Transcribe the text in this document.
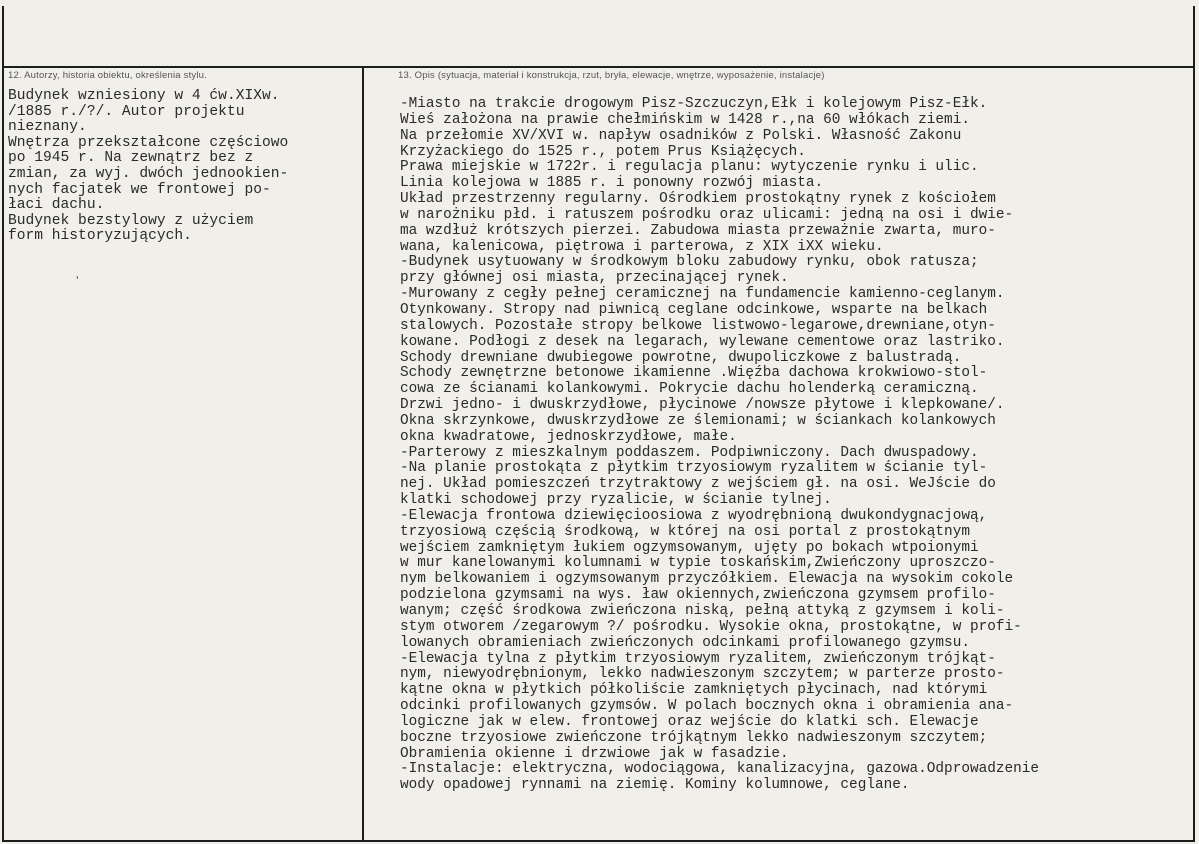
12. Autorzy, historia obiektu, określenia stylu.	13. Opis (sytuacja, materiał i konstrukcja, rzut, bryła, elewacje, wnętrze, wyposażenie, instalacje)
Budynek wzniesiony w 4 ćw.XIXw.
/1885 r./?/. Autor projektu
nieznany.
Wnętrza przekształcone częściowo
po 1945 r. Na zewnątrz bez z
zmian, za wyj. dwóch jednookien-
nych facjatek we frontowej po-
łaci dachu.
Budynek bezstylowy z użyciem
form historyzujących.
ʼ
-Miasto na trakcie drogowym Pisz-Szczuczyn,Ełk i kolejowym Pisz-Ełk.
Wieś założona na prawie chełmińskim w 1428 r.,na 60 włókach ziemi.
Na przełomie XV/XVI w. napływ osadników z Polski. Własność Zakonu
Krzyżackiego do 1525 r., potem Prus Książęcych.
Prawa miejskie w 1722r. i regulacja planu: wytyczenie rynku i ulic.
Linia kolejowa w 1885 r. i ponowny rozwój miasta.
Układ przestrzenny regularny. Ośrodkiem prostokątny rynek z kościołem
w narożniku płd. i ratuszem pośrodku oraz ulicami: jedną na osi i dwie-
ma wzdłuż krótszych pierzei. Zabudowa miasta przeważnie zwarta, muro-
wana, kalenicowa, piętrowa i parterowa, z XIX iXX wieku.
-Budynek usytuowany w środkowym bloku zabudowy rynku, obok ratusza;
przy głównej osi miasta, przecinającej rynek.
-Murowany z cegły pełnej ceramicznej na fundamencie kamienno-ceglanym.
Otynkowany. Stropy nad piwnicą ceglane odcinkowe, wsparte na belkach
stalowych. Pozostałe stropy belkowe listwowo-legarowe,drewniane,otyn-
kowane. Podłogi z desek na legarach, wylewane cementowe oraz lastriko.
Schody drewniane dwubiegowe powrotne, dwupoliczkowe z balustradą.
Schody zewnętrzne betonowe ikamienne .Więźba dachowa krokwiowo-stol-
cowa ze ścianami kolankowymi. Pokrycie dachu holenderką ceramiczną.
Drzwi jedno- i dwuskrzydłowe, płycinowe /nowsze płytowe i klepkowane/.
Okna skrzynkowe, dwuskrzydłowe ze ślemionami; w ściankach kolankowych
okna kwadratowe, jednoskrzydłowe, małe.
-Parterowy z mieszkalnym poddaszem. Podpiwniczony. Dach dwuspadowy.
-Na planie prostokąta z płytkim trzyosiowym ryzalitem w ścianie tyl-
nej. Układ pomieszczeń trzytraktowy z wejściem gł. na osi. WeJście do
klatki schodowej przy ryzalicie, w ścianie tylnej.
-Elewacja frontowa dziewięcioosiowa z wyodrębnioną dwukondygnacjową,
trzyosiową częścią środkową, w której na osi portal z prostokątnym
wejściem zamkniętym łukiem ogzymsowanym, ujęty po bokach wtpoionymi
w mur kanelowanymi kolumnami w typie toskańskim,Zwieńczony uproszczo-
nym belkowaniem i ogzymsowanym przyczółkiem. Elewacja na wysokim cokole
podzielona gzymsami na wys. ław okiennych,zwieńczona gzymsem profilo-
wanym; część środkowa zwieńczona niską, pełną attyką z gzymsem i koli-
stym otworem /zegarowym ?/ pośrodku. Wysokie okna, prostokątne, w profi-
lowanych obramieniach zwieńczonych odcinkami profilowanego gzymsu.
-Elewacja tylna z płytkim trzyosiowym ryzalitem, zwieńczonym trójkąt-
nym, niewyodrębnionym, lekko nadwieszonym szczytem; w parterze prosto-
kątne okna w płytkich półkoliście zamkniętych płycinach, nad którymi
odcinki profilowanych gzymsów. W polach bocznych okna i obramienia ana-
logiczne jak w elew. frontowej oraz wejście do klatki sch. Elewacje
boczne trzyosiowe zwieńczone trójkątnym lekko nadwieszonym szczytem;
Obramienia okienne i drzwiowe jak w fasadzie.
-Instalacje: elektryczna, wodociągowa, kanalizacyjna, gazowa.Odprowadzenie
wody opadowej rynnami na ziemię. Kominy kolumnowe, ceglane.
